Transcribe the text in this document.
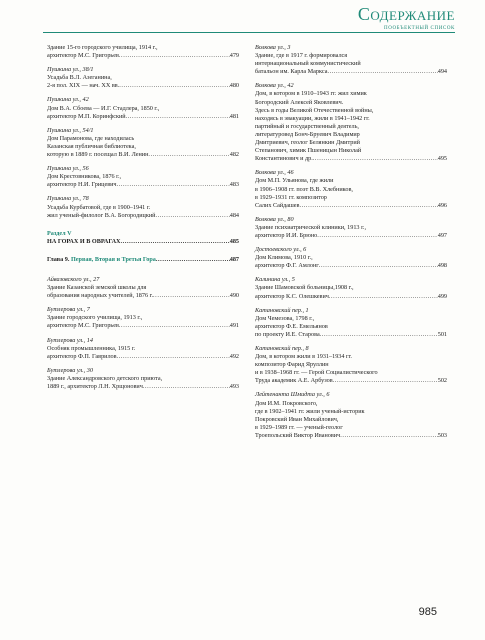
Содержание
ПООБЪЕКТНЫЙ СПИСОК
Здание 15-го городского училища, 1914 г.,
архитектор М.С. Григорьев .....	479
Пушкина ул., 38/1
Усадьба В.Л. Азеганина,
2-я пол. XIX — нач. XX вв. .....	480
Пушкина ул., 42
Дом В.А. Сбоева — И.Г. Стадлера, 1850 г.,
архитектор М.П. Коринфский .....	481
Пушкина ул., 54/1
Дом Парамонова, где находилась
Казанская публичная библиотека,
которую в 1889 г. посещал В.И. Ленин .....	482
Пушкина ул., 56
Дом Крестовникова, 1876 г.,
архитектор Н.И. Грицевич .....	483
Пушкина ул., 78
Усадьба Курбатовой, где в 1900–1941 г.
жил ученый-филолог В.А. Богородицкий .....	484
Раздел V
НА ГОРАХ И В ОВРАГАХ .....	485
Глава 9. Первая, Вторая и Третья Гора .....	487
Айвазовского ул., 27
Здание Казанской земской школы для
образования народных учителей, 1876 г. .....	490
Бутлерова ул., 7
Здание городского училища, 1913 г.,
архитектор М.С. Григорьев .....	491
Бутлерова ул., 14
Особняк промышленника, 1915 г.
архитектор Ф.П. Гаврилов .....	492
Бутлерова ул., 30
Здание Александровского детского приюта,
1889 г., архитектор Л.Н. Хрщонович .....	493
Волкова ул., 3
Здание, где в 1917 г. формировался
интернациональный коммунистический
батальон им. Карла Маркса .....	494
Волкова ул., 42
Дом, в котором в 1910–1943 гг. жил химик
Богородский Алексей Яковлевич.
Здесь в годы Великой Отечественной войны,
находясь в эвакуации, жили в 1941–1942 гг.
партийный и государственный деятель,
литературовед Бонч-Бруевич Владимир
Дмитриевич, геолог Белянкин Дмитрий
Степанович, химик Пшеницын Николай
Константинович и др. .....	495
Волкова ул., 46
Дом М.П. Ульянова, где жили
в 1906–1908 гг. поэт В.В. Хлебников,
в 1929–1931 гг. композитор
Салих Сайдашев .....	496
Волкова ул., 80
Здание психиатрической клиники, 1913 г.,
архитектор И.И. Брюно .....	497
Достоевского ул., 6
Дом Климова, 1910 г.,
архитектор Ф.Г. Амлонг .....	498
Калинина ул., 5
Здание Шамовской больницы,1908 г.,
архитектор К.С. Олешкевич .....	499
Катановский пер., 1
Дом Чемезова, 1798 г.,
архитектор Ф.Е. Емельянов
по проекту И.Е. Старова .....	501
Катановский пер., 8
Дом, в котором жили в 1931–1934 гг.
композитор Фарид Яруллин
и в 1938–1968 гг. — Герой Социалистического
Труда академик А.Е. Арбузов .....	502
Лейтенанта Шмидта ул., 6
Дом И.М. Покровского,
где в 1902–1941 гг. жили ученый-историк
Покровский Иван Михайлович,
в 1929–1989 гг. — ученый-геолог
Троепольский Виктор Иванович .....	503
985
